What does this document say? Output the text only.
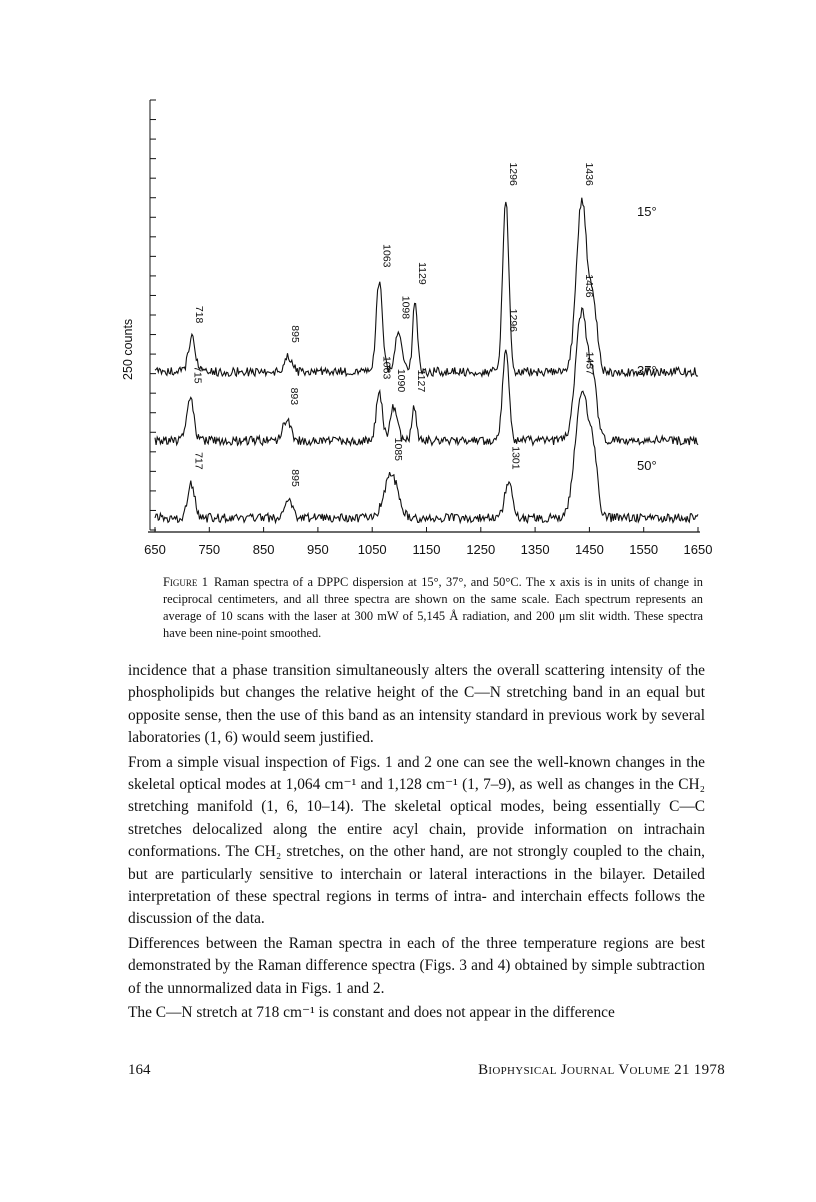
650	750	850	950 1050 1150 1250 1350 1450 1550 1650
250 counts
718
895
1063
1098
1129
1296	1436
15°
715
893
1063
1090 1127
1296
1436
37°
717
895
1085	1301
1437
50°
Figure 1 Raman spectra of a DPPC dispersion at 15°, 37°, and 50°C. The x axis is in units of change in reciprocal centimeters, and all three spectra are shown on the same scale. Each spectrum represents an average of 10 scans with the laser at 300 mW of 5,145 Å radiation, and 200 μm slit width. These spectra have been nine-point smoothed.

incidence that a phase transition simultaneously alters the overall scattering intensity of the phospholipids but changes the relative height of the C—N stretching band in an equal but opposite sense, then the use of this band as an intensity standard in previous work by several laboratories (1, 6) would seem justified.

From a simple visual inspection of Figs. 1 and 2 one can see the well-known changes in the skeletal optical modes at 1,064 cm⁻¹ and 1,128 cm⁻¹ (1, 7–9), as well as changes in the CH₂ stretching manifold (1, 6, 10–14). The skeletal optical modes, being essentially C—C stretches delocalized along the entire acyl chain, provide information on intrachain conformations. The CH₂ stretches, on the other hand, are not strongly coupled to the chain, but are particularly sensitive to interchain or lateral interactions in the bilayer. Detailed interpretation of these spectral regions in terms of intra- and interchain effects follows the discussion of the data.

Differences between the Raman spectra in each of the three temperature regions are best demonstrated by the Raman difference spectra (Figs. 3 and 4) obtained by simple subtraction of the unnormalized data in Figs. 1 and 2.

The C—N stretch at 718 cm⁻¹ is constant and does not appear in the difference

164	Biophysical Journal Volume 21 1978
